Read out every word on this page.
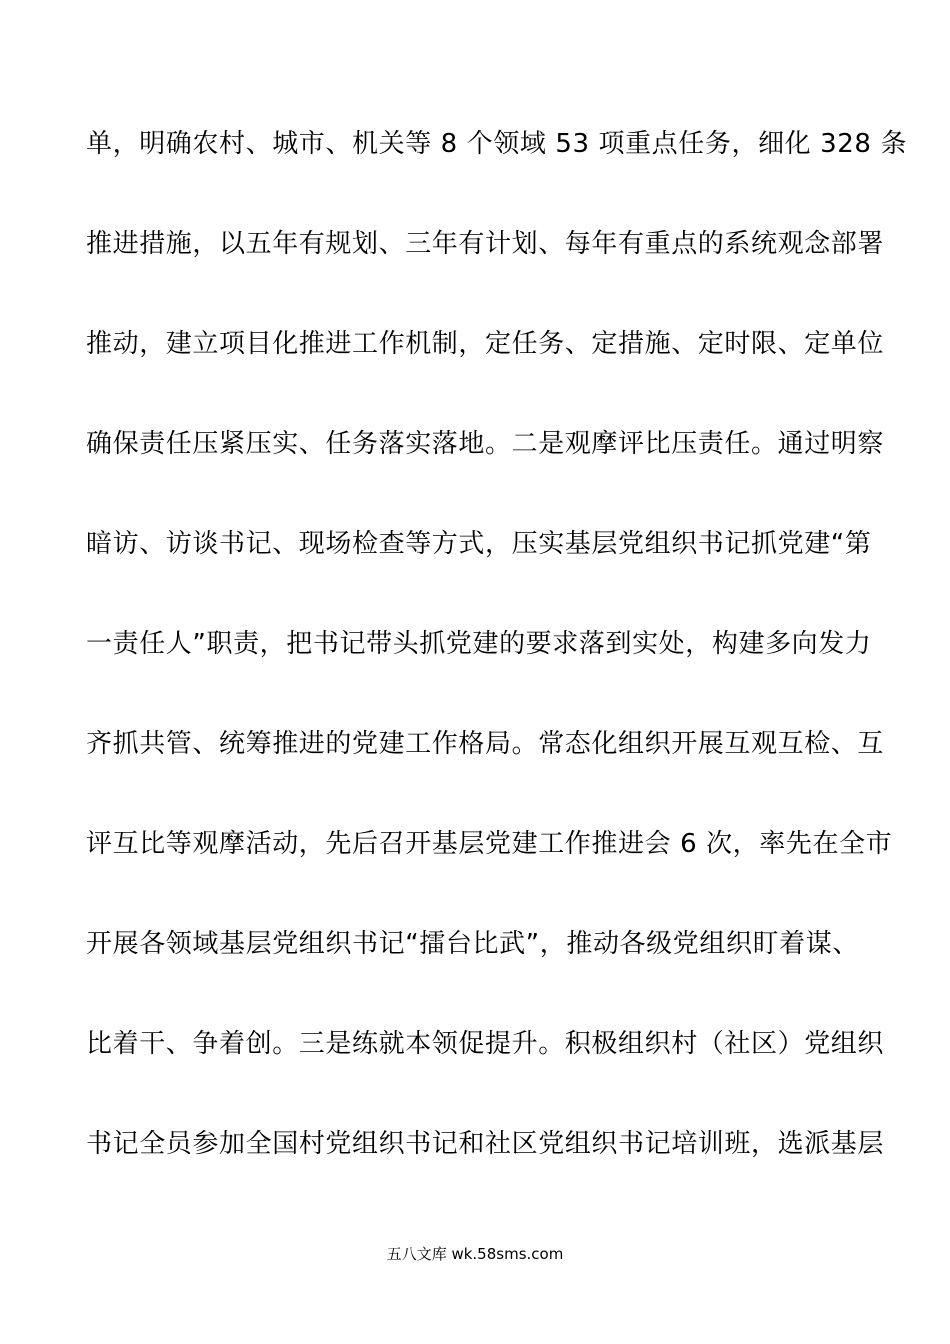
单，明确农村、城市、机关等 8 个领域 53 项重点任务，细化 328 条
推进措施，以五年有规划、三年有计划、每年有重点的系统观念部署
推动，建立项目化推进工作机制，定任务、定措施、定时限、定单位
确保责任压紧压实、任务落实落地。二是观摩评比压责任。通过明察
暗访、访谈书记、现场检查等方式，压实基层党组织书记抓党建“第
一责任人”职责，把书记带头抓党建的要求落到实处，构建多向发力
齐抓共管、统筹推进的党建工作格局。常态化组织开展互观互检、互
评互比等观摩活动，先后召开基层党建工作推进会 6 次，率先在全市
开展各领域基层党组织书记“擂台比武”，推动各级党组织盯着谋、
比着干、争着创。三是练就本领促提升。积极组织村（社区）党组织
书记全员参加全国村党组织书记和社区党组织书记培训班，选派基层
五八文库 wk.58sms.com
